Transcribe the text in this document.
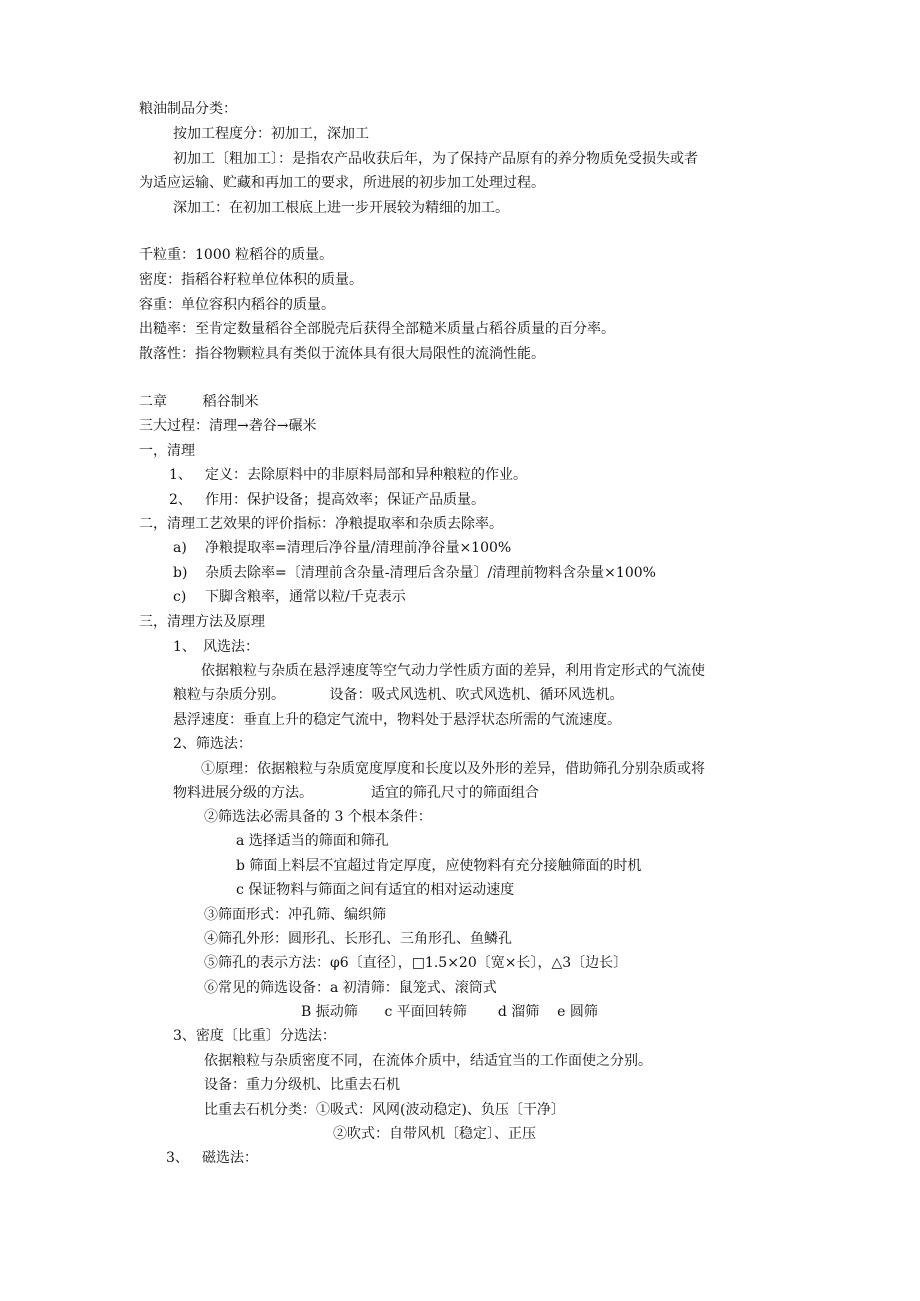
粮油制品分类：
按加工程度分：初加工，深加工
初加工〔粗加工〕：是指农产品收获后年，为了保持产品原有的养分物质免受损失或者
为适应运输、贮藏和再加工的要求，所进展的初步加工处理过程。
深加工：在初加工根底上进一步开展较为精细的加工。
千粒重：1000 粒稻谷的质量。
密度：指稻谷籽粒单位体积的质量。
容重：单位容积内稻谷的质量。
出糙率：至肯定数量稻谷全部脱壳后获得全部糙米质量占稻谷质量的百分率。
散落性：指谷物颗粒具有类似于流体具有很大局限性的流淌性能。
二章        稻谷制米
三大过程：清理→砻谷→碾米
一，清理
1、 定义：去除原料中的非原料局部和异种粮粒的作业。
2、 作用：保护设备；提高效率；保证产品质量。
二，清理工艺效果的评价指标：净粮提取率和杂质去除率。
a) 净粮提取率=清理后净谷量/清理前净谷量×100%
b) 杂质去除率=〔清理前含杂量-清理后含杂量〕/清理前物料含杂量×100%
c) 下脚含粮率，通常以粒/千克表示
三，清理方法及原理
1、 风选法：
依据粮粒与杂质在悬浮速度等空气动力学性质方面的差异，利用肯定形式的气流使
粮粒与杂质分别。          设备：吸式风选机、吹式风选机、循环风选机。
悬浮速度：垂直上升的稳定气流中，物料处于悬浮状态所需的气流速度。
2、筛选法：
①原理：依据粮粒与杂质宽度厚度和长度以及外形的差异，借助筛孔分别杂质或将
物料进展分级的方法。             适宜的筛孔尺寸的筛面组合
②筛选法必需具备的 3 个根本条件：
a 选择适当的筛面和筛孔
b 筛面上料层不宜超过肯定厚度，应使物料有充分接触筛面的时机
c 保证物料与筛面之间有适宜的相对运动速度
③筛面形式：冲孔筛、编织筛
④筛孔外形：圆形孔、长形孔、三角形孔、鱼鳞孔
⑤筛孔的表示方法：φ6〔直径〕，□1.5×20〔宽×长〕，△3〔边长〕
⑥常见的筛选设备：a 初清筛：鼠笼式、滚筒式
B 振动筛      c 平面回转筛       d 溜筛    e 圆筛
3、密度〔比重〕分选法：
依据粮粒与杂质密度不同，在流体介质中，结适宜当的工作面使之分别。
设备：重力分级机、比重去石机
比重去石机分类：①吸式：风网(波动稳定)、负压〔干净〕
②吹式：自带风机〔稳定〕、正压
3、 磁选法：
